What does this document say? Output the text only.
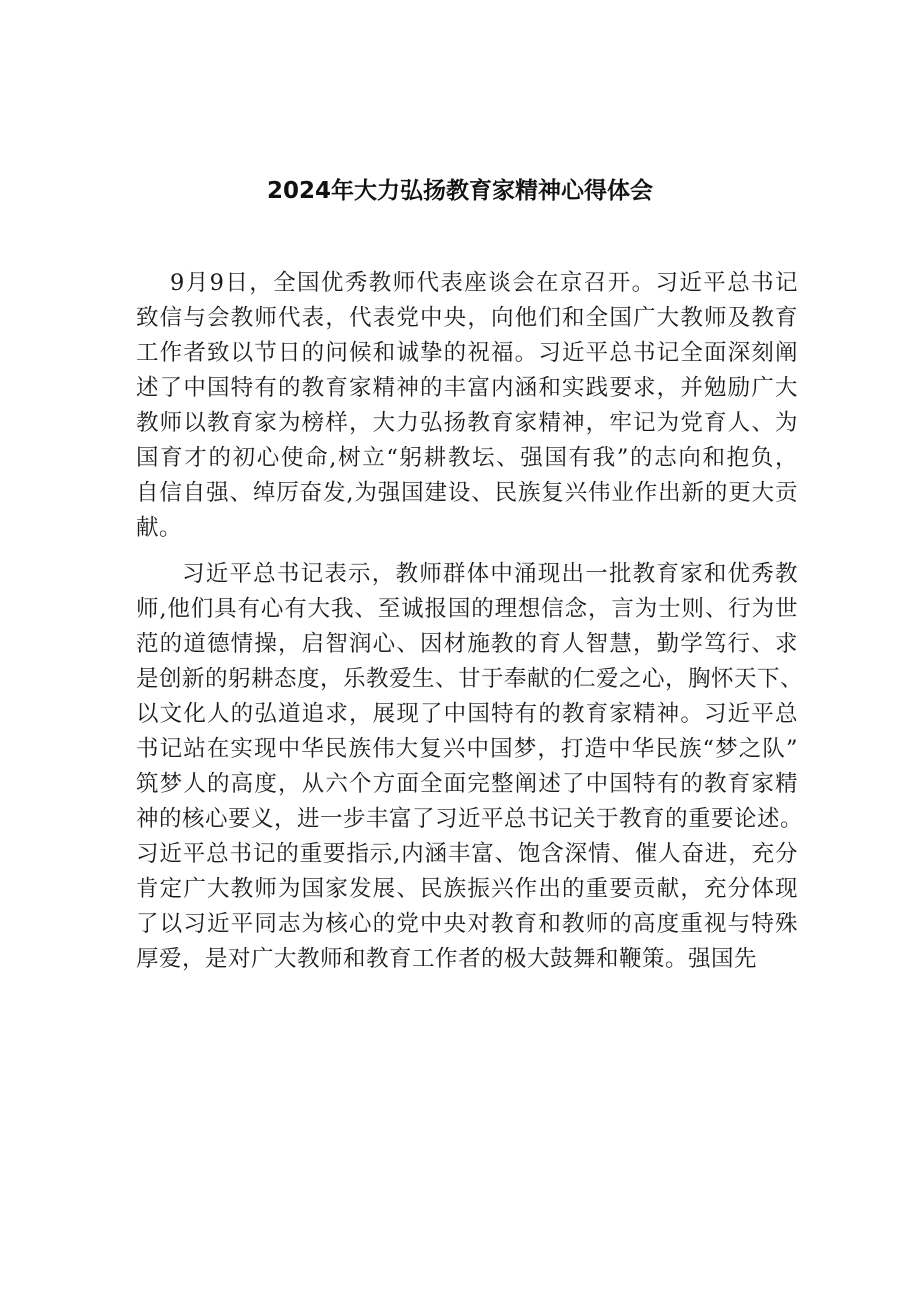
2024年大力弘扬教育家精神心得体会

9月9日，全国优秀教师代表座谈会在京召开。习近平总书记
致信与会教师代表，代表党中央，向他们和全国广大教师及教育
工作者致以节日的问候和诚挚的祝福。习近平总书记全面深刻阐
述了中国特有的教育家精神的丰富内涵和实践要求，并勉励广大
教师以教育家为榜样，大力弘扬教育家精神，牢记为党育人、为
国育才的初心使命,树立“躬耕教坛、强国有我”的志向和抱负，
自信自强、绰厉奋发,为强国建设、民族复兴伟业作出新的更大贡
献。

习近平总书记表示，教师群体中涌现出一批教育家和优秀教
师,他们具有心有大我、至诚报国的理想信念，言为士则、行为世
范的道德情操，启智润心、因材施教的育人智慧，勤学笃行、求
是创新的躬耕态度，乐教爱生、甘于奉献的仁爱之心，胸怀天下、
以文化人的弘道追求，展现了中国特有的教育家精神。习近平总
书记站在实现中华民族伟大复兴中国梦，打造中华民族“梦之队”
筑梦人的高度，从六个方面全面完整阐述了中国特有的教育家精
神的核心要义，进一步丰富了习近平总书记关于教育的重要论述。
习近平总书记的重要指示,内涵丰富、饱含深情、催人奋进，充分
肯定广大教师为国家发展、民族振兴作出的重要贡献，充分体现
了以习近平同志为核心的党中央对教育和教师的高度重视与特殊
厚爱，是对广大教师和教育工作者的极大鼓舞和鞭策。强国先
